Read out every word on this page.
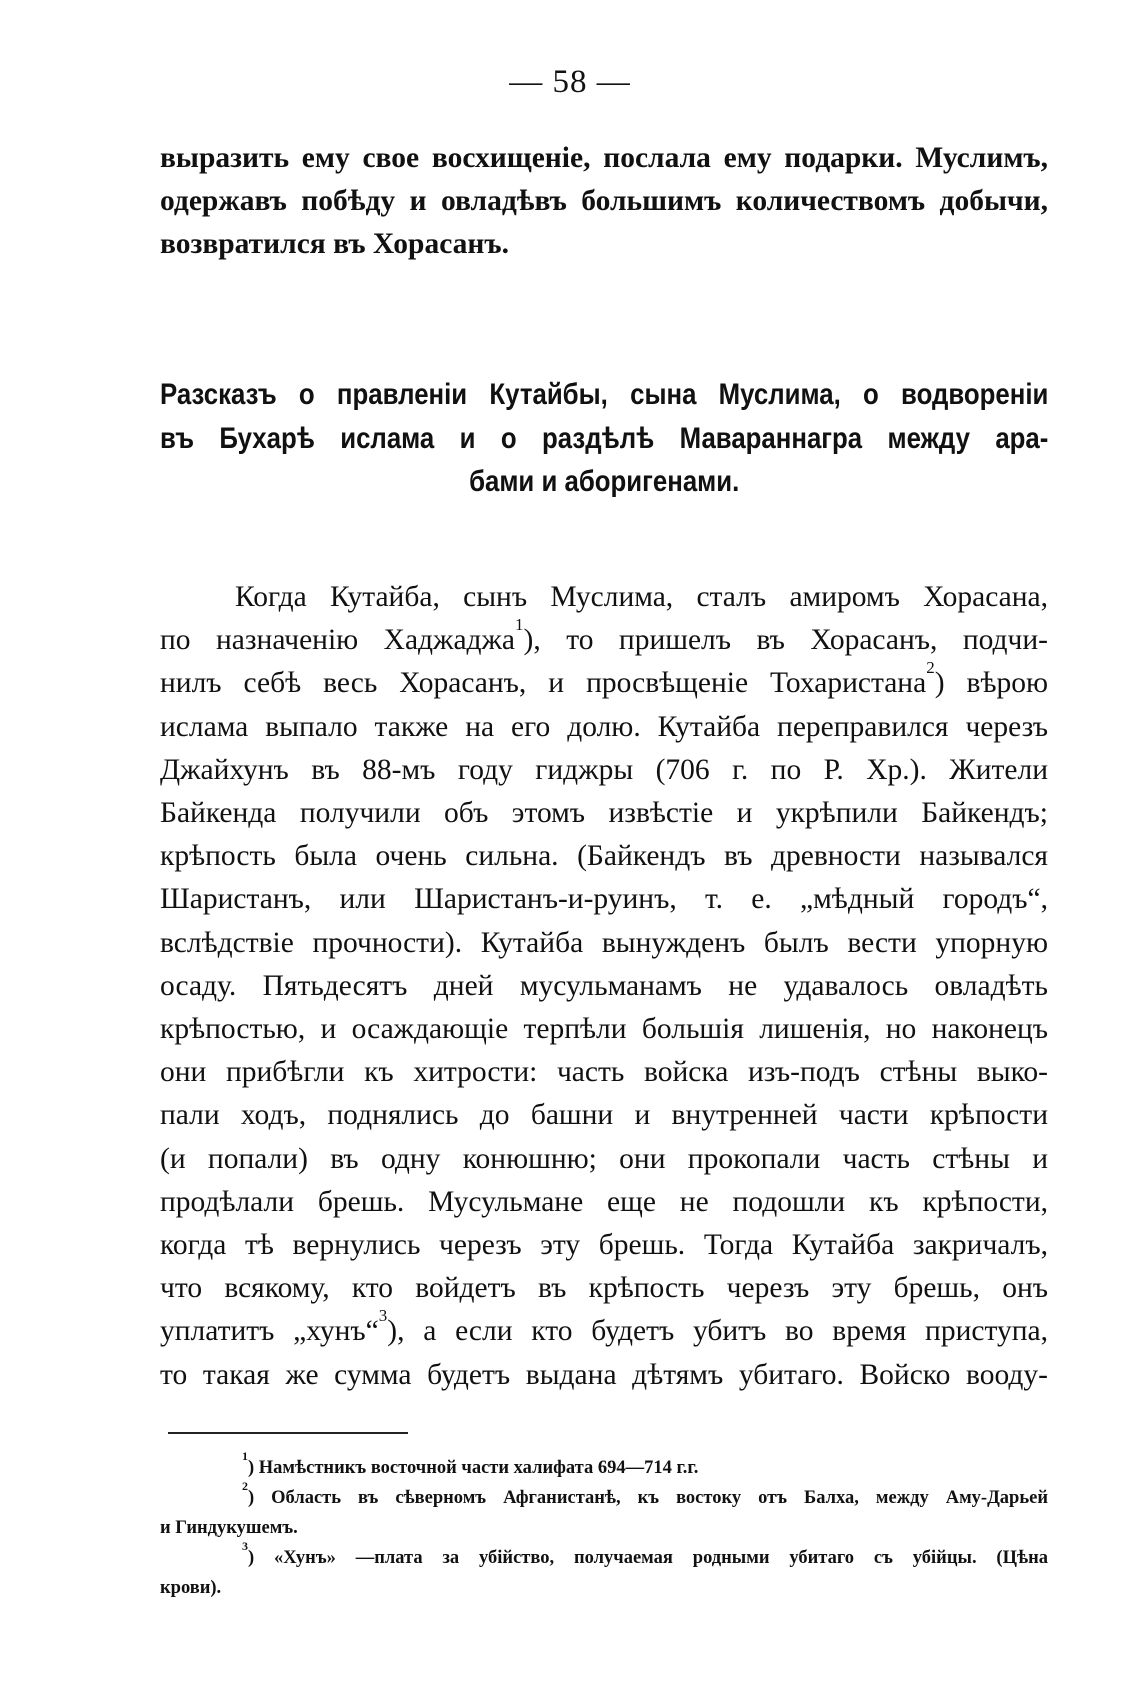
— 58 —
выразить ему свое восхищеніе, послала ему подарки. Муслимъ,
одержавъ побѣду и овладѣвъ большимъ количествомъ добычи,
возвратился въ Хорасанъ.
Разсказъ о правленіи Кутайбы, сына Муслима, о водвореніи
въ Бухарѣ ислама и о раздѣлѣ Мавараннагра между ара-
бами и аборигенами.
Когда Кутайба, сынъ Муслима, сталъ амиромъ Хорасана,
по назначенію Хаджаджа$^1$), то пришелъ въ Хорасанъ, подчи-
нилъ себѣ весь Хорасанъ, и просвѣщеніе Тохаристана$^2$) вѣрою
ислама выпало также на его долю. Кутайба переправился черезъ
Джайхунъ въ 88-мъ году гиджры (706 г. по Р. Хр.). Жители
Байкенда получили объ этомъ извѣстіе и укрѣпили Байкендъ;
крѣпость была очень сильна. (Байкендъ въ древности назывался
Шаристанъ, или Шаристанъ-и-руинъ, т. е. „мѣдный городъ“,
вслѣдствіе прочности). Кутайба вынужденъ былъ вести упорную
осаду. Пятьдесятъ дней мусульманамъ не удавалось овладѣть
крѣпостью, и осаждающіе терпѣли большія лишенія, но наконецъ
они прибѣгли къ хитрости: часть войска изъ-подъ стѣны выко-
пали ходъ, поднялись до башни и внутренней части крѣпости
(и попали) въ одну конюшню; они прокопали часть стѣны и
продѣлали брешь. Мусульмане еще не подошли къ крѣпости,
когда тѣ вернулись черезъ эту брешь. Тогда Кутайба закричалъ,
что всякому, кто войдетъ въ крѣпость черезъ эту брешь, онъ
уплатитъ „хунъ“$^3$), а если кто будетъ убитъ во время приступа,
то такая же сумма будетъ выдана дѣтямъ убитаго. Войско вооду-
$^1$) Намѣстникъ восточной части халифата 694—714 г.г.
$^2$) Область въ сѣверномъ Афганистанѣ, къ востоку отъ Балха, между Аму-Дарьей
и Гиндукушемъ.
$^3$) «Хунъ» —плата за убійство, получаемая родными убитаго съ убійцы. (Цѣна
крови).
